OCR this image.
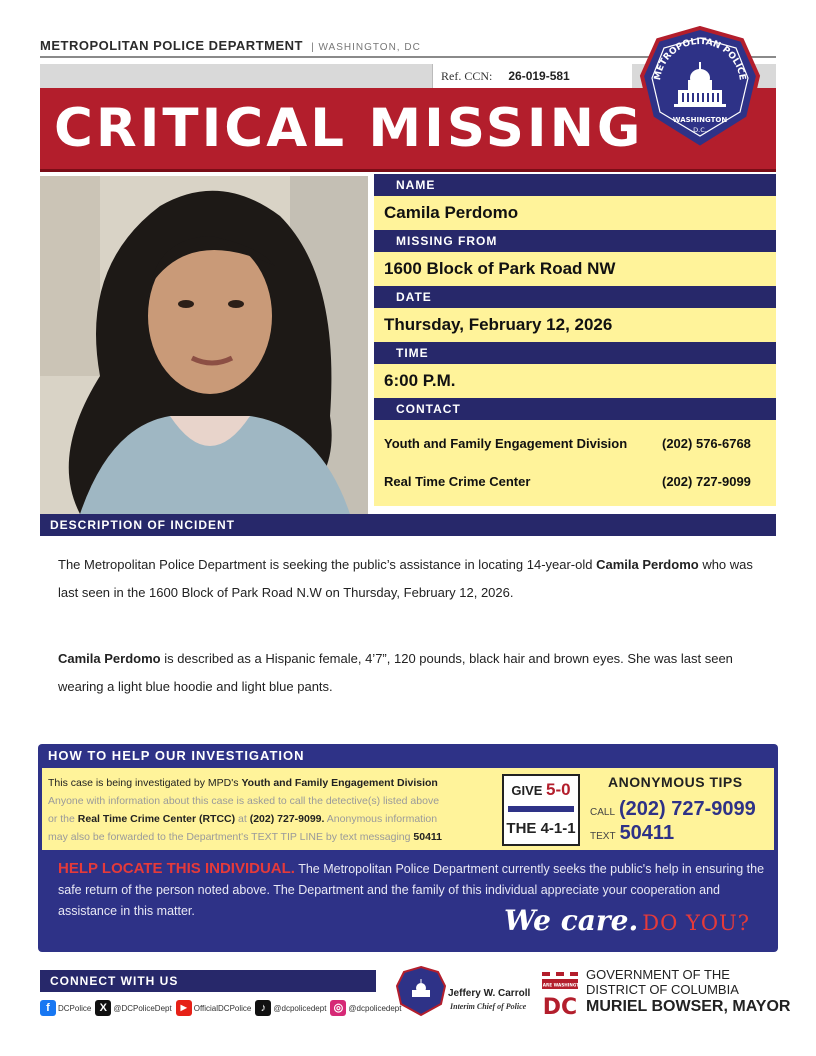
METROPOLITAN POLICE DEPARTMENT | WASHINGTON, DC
Ref. CCN: 26-019-581
CRITICAL MISSING
METROPOLITAN POLICE
WASHINGTON
D.C.
NAME
Camila Perdomo
MISSING FROM
1600 Block of Park Road NW
DATE
Thursday, February 12, 2026
TIME
6:00 P.M.
CONTACT
Youth and Family Engagement Division	(202) 576-6768
Real Time Crime Center	(202) 727-9099
DESCRIPTION OF INCIDENT
The Metropolitan Police Department is seeking the public’s assistance in locating 14-year-old Camila Perdomo who was last seen in the 1600 Block of Park Road N.W on Thursday, February 12, 2026.
Camila Perdomo is described as a Hispanic female, 4’7”, 120 pounds, black hair and brown eyes. She was last seen wearing a light blue hoodie and light blue pants.
HOW TO HELP OUR INVESTIGATION
This case is being investigated by MPD's Youth and Family Engagement Division
Anyone with information about this case is asked to call the detective(s) listed above
or the Real Time Crime Center (RTCC) at (202) 727-9099. Anonymous information
may also be forwarded to the Department's TEXT TIP LINE by text messaging 50411
GIVE 5-0
THE 4-1-1
ANONYMOUS TIPS
CALL (202) 727-9099
TEXT 50411
HELP LOCATE THIS INDIVIDUAL. The Metropolitan Police Department currently seeks the public's help in ensuring the safe return of the person noted above. The Department and the family of this individual appreciate your cooperation and assistance in this matter.	We care. DO YOU?
CONNECT WITH US
f	DCPolice X @DCPoliceDept	▶ OfficialDCPolice ♪ @dcpolicedept ◎ @dcpolicedept
Jeffery W. Carroll
Interim Chief of Police
WE ARE WASHINGTON
DC
GOVERNMENT OF THE
DISTRICT OF COLUMBIA
MURIEL BOWSER, MAYOR
